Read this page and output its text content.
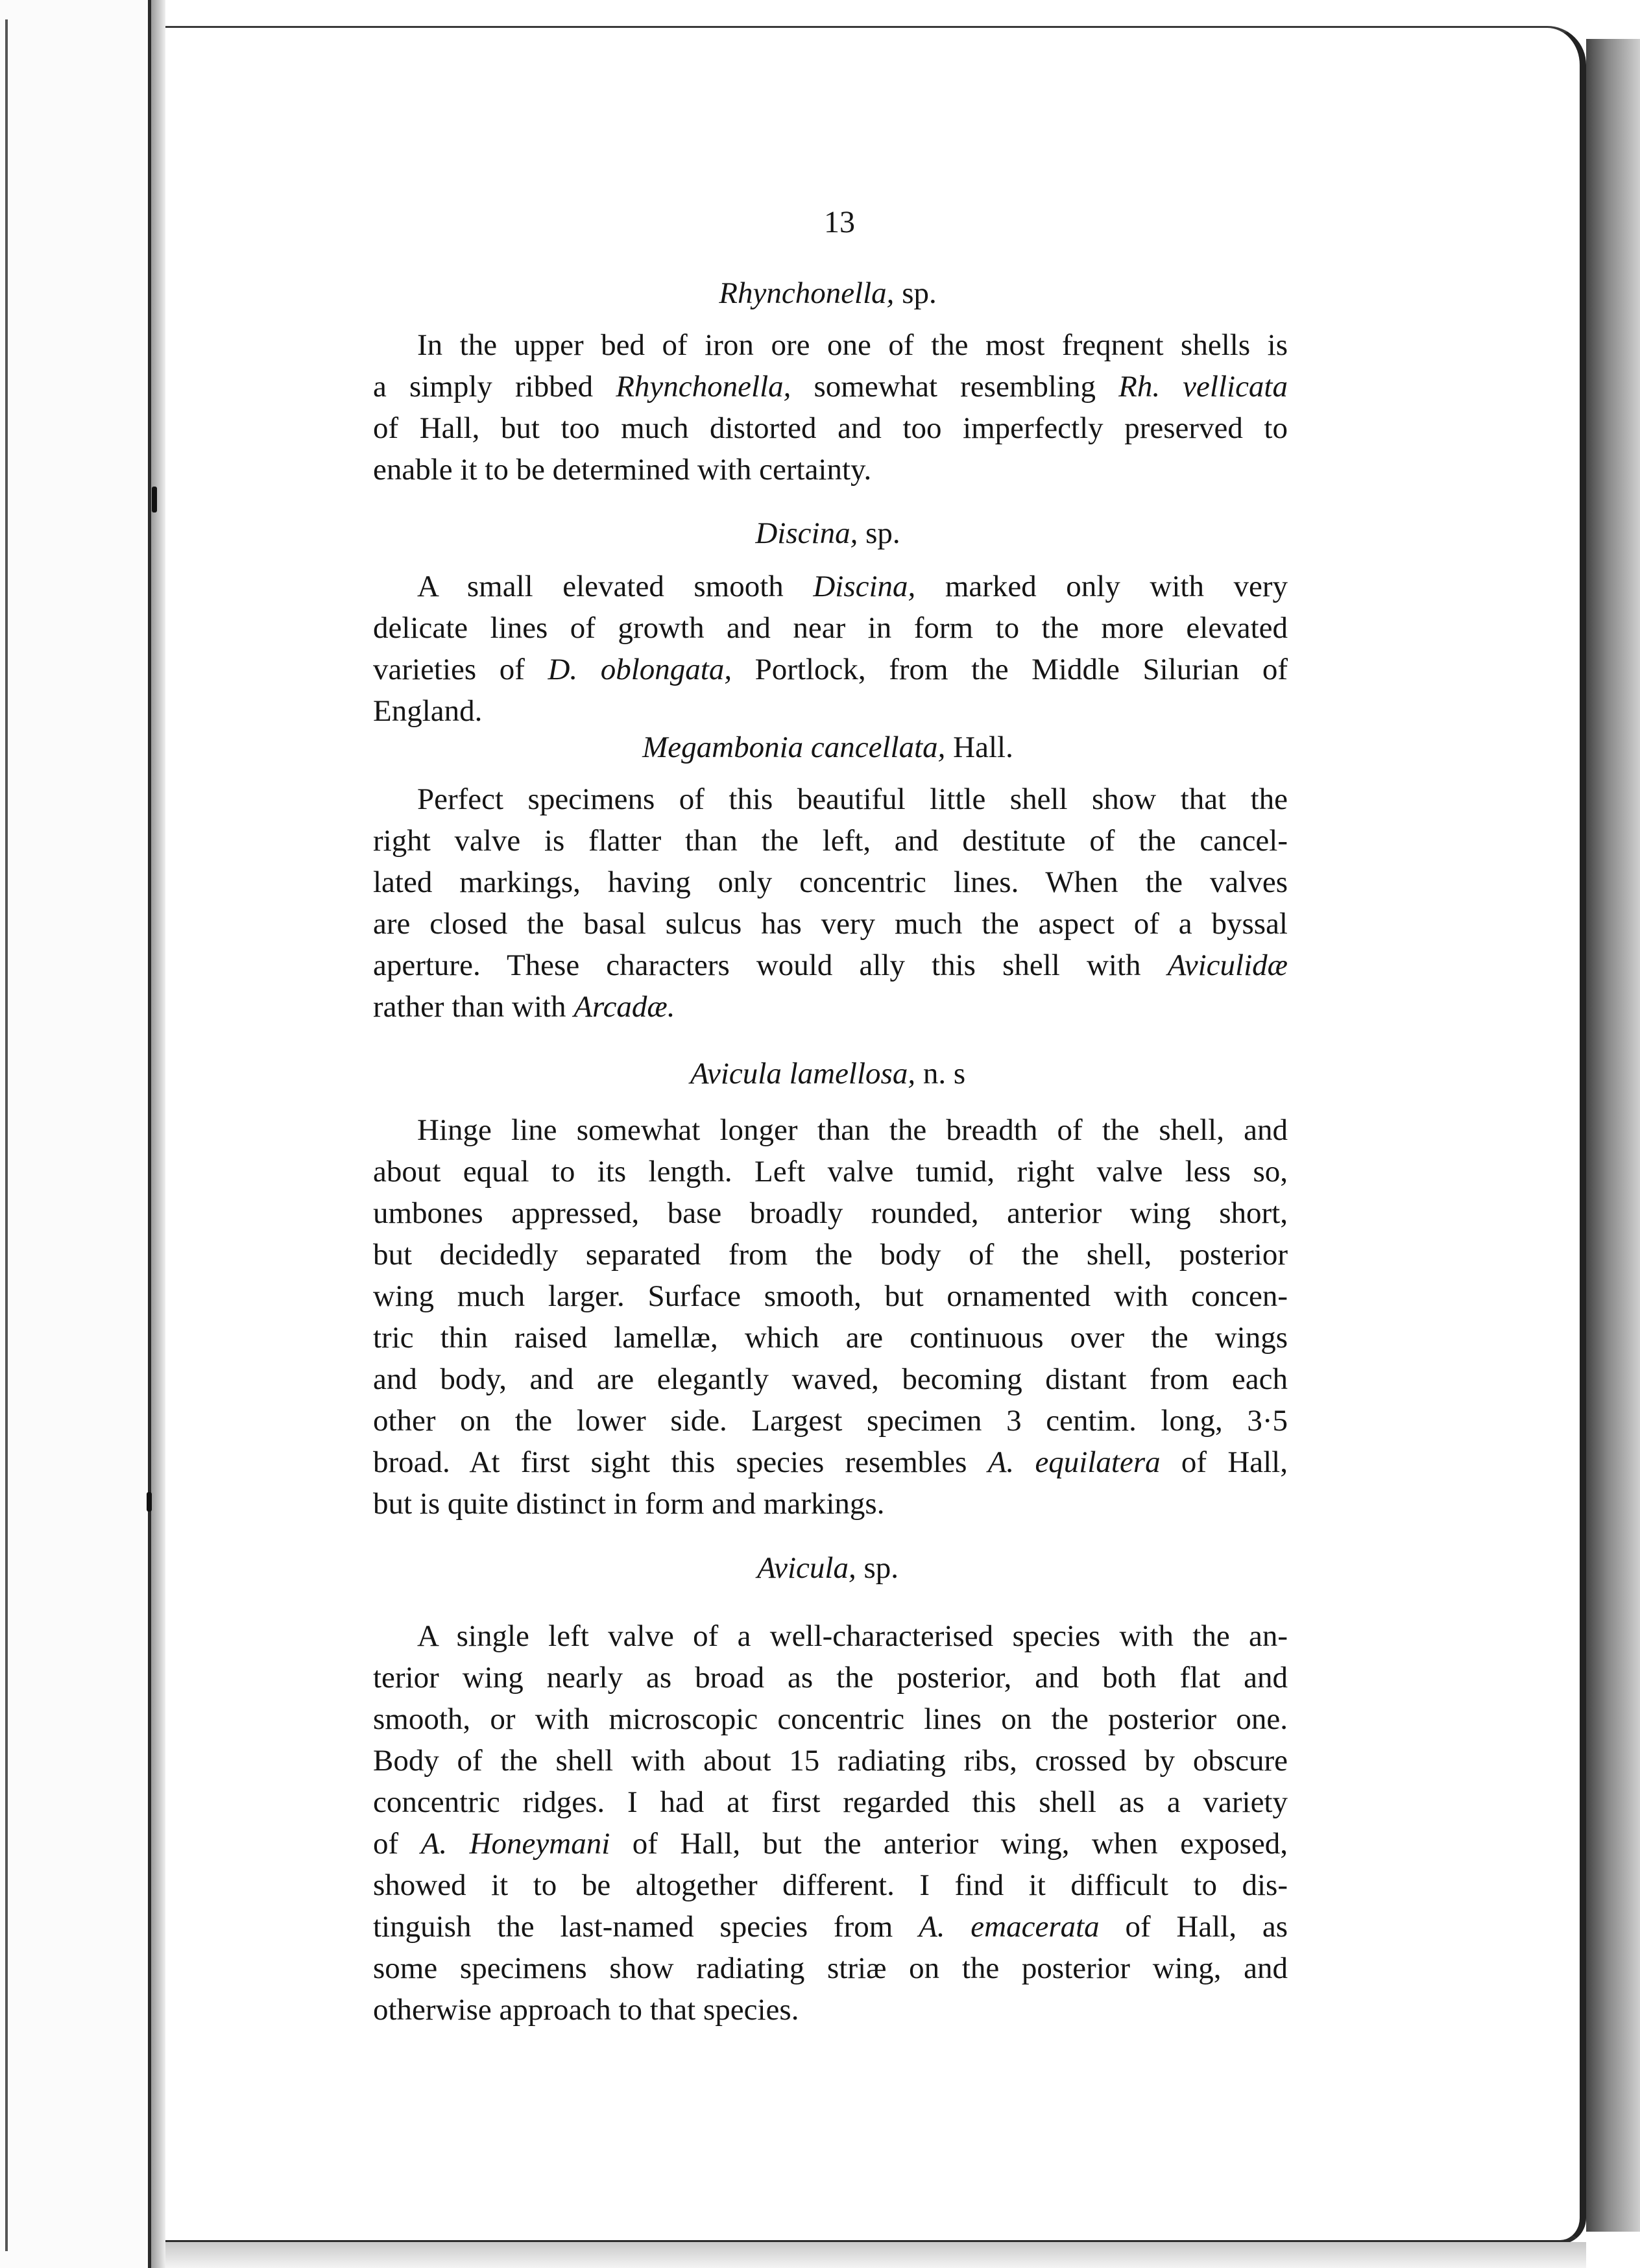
13
Rhynchonella, sp.
In the upper bed of iron ore one of the most freqnent shells is
a simply ribbed Rhynchonella, somewhat resembling Rh. vellicata
of Hall, but too much distorted and too imperfectly preserved to
enable it to be determined with certainty.
Discina, sp.
A small elevated smooth Discina, marked only with very
delicate lines of growth and near in form to the more elevated
varieties of D. oblongata, Portlock, from the Middle Silurian of
England.
Megambonia cancellata, Hall.
Perfect specimens of this beautiful little shell show that the
right valve is flatter than the left, and destitute of the cancel-
lated markings, having only concentric lines. When the valves
are closed the basal sulcus has very much the aspect of a byssal
aperture. These characters would ally this shell with Aviculidæ
rather than with Arcadæ.
Avicula lamellosa, n. s
Hinge line somewhat longer than the breadth of the shell, and
about equal to its length. Left valve tumid, right valve less so,
umbones appressed, base broadly rounded, anterior wing short,
but decidedly separated from the body of the shell, posterior
wing much larger. Surface smooth, but ornamented with concen-
tric thin raised lamellæ, which are continuous over the wings
and body, and are elegantly waved, becoming distant from each
other on the lower side. Largest specimen 3 centim. long, 3·5
broad. At first sight this species resembles A. equilatera of Hall,
but is quite distinct in form and markings.
Avicula, sp.
A single left valve of a well-characterised species with the an-
terior wing nearly as broad as the posterior, and both flat and
smooth, or with microscopic concentric lines on the posterior one.
Body of the shell with about 15 radiating ribs, crossed by obscure
concentric ridges. I had at first regarded this shell as a variety
of A. Honeymani of Hall, but the anterior wing, when exposed,
showed it to be altogether different. I find it difficult to dis-
tinguish the last-named species from A. emacerata of Hall, as
some specimens show radiating striæ on the posterior wing, and
otherwise approach to that species.
